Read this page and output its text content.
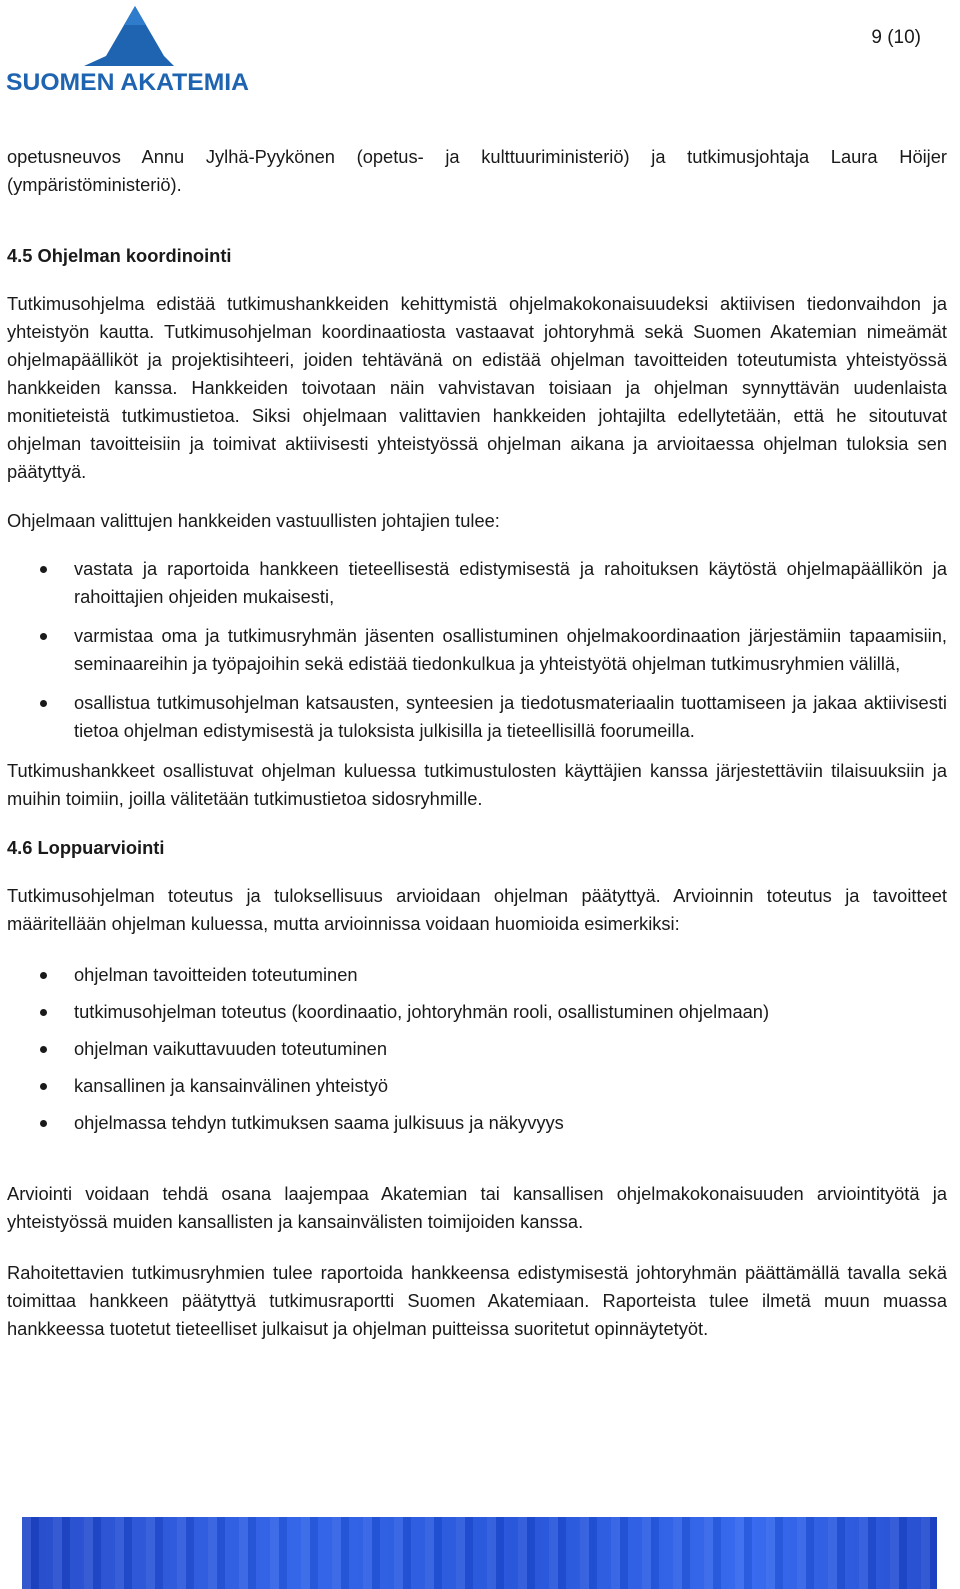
SUOMEN AKATEMIA
9 (10)

opetusneuvos Annu Jylhä-Pyykönen (opetus- ja kulttuuriministeriö) ja tutkimusjohtaja Laura Höijer (ympäristöministeriö).

4.5 Ohjelman koordinointi

Tutkimusohjelma edistää tutkimushankkeiden kehittymistä ohjelmakokonaisuudeksi aktiivisen tiedonvaihdon ja yhteistyön kautta. Tutkimusohjelman koordinaatiosta vastaavat johtoryhmä sekä Suomen Akatemian nimeämät ohjelmapäälliköt ja projektisihteeri, joiden tehtävänä on edistää ohjelman tavoitteiden toteutumista yhteistyössä hankkeiden kanssa. Hankkeiden toivotaan näin vahvistavan toisiaan ja ohjelman synnyttävän uudenlaista monitieteistä tutkimustietoa. Siksi ohjelmaan valittavien hankkeiden johtajilta edellytetään, että he sitoutuvat ohjelman tavoitteisiin ja toimivat aktiivisesti yhteistyössä ohjelman aikana ja arvioitaessa ohjelman tuloksia sen päätyttyä.

Ohjelmaan valittujen hankkeiden vastuullisten johtajien tulee:

vastata ja raportoida hankkeen tieteellisestä edistymisestä ja rahoituksen käytöstä ohjelmapäällikön ja rahoittajien ohjeiden mukaisesti,
varmistaa oma ja tutkimusryhmän jäsenten osallistuminen ohjelmakoordinaation järjestämiin tapaamisiin, seminaareihin ja työpajoihin sekä edistää tiedonkulkua ja yhteistyötä ohjelman tutkimusryhmien välillä,
osallistua tutkimusohjelman katsausten, synteesien ja tiedotusmateriaalin tuottamiseen ja jakaa aktiivisesti tietoa ohjelman edistymisestä ja tuloksista julkisilla ja tieteellisillä foorumeilla.

Tutkimushankkeet osallistuvat ohjelman kuluessa tutkimustulosten käyttäjien kanssa järjestettäviin tilaisuuksiin ja muihin toimiin, joilla välitetään tutkimustietoa sidosryhmille.

4.6 Loppuarviointi

Tutkimusohjelman toteutus ja tuloksellisuus arvioidaan ohjelman päätyttyä. Arvioinnin toteutus ja tavoitteet määritellään ohjelman kuluessa, mutta arvioinnissa voidaan huomioida esimerkiksi:

ohjelman tavoitteiden toteutuminen
tutkimusohjelman toteutus (koordinaatio, johtoryhmän rooli, osallistuminen ohjelmaan)
ohjelman vaikuttavuuden toteutuminen
kansallinen ja kansainvälinen yhteistyö
ohjelmassa tehdyn tutkimuksen saama julkisuus ja näkyvyys

Arviointi voidaan tehdä osana laajempaa Akatemian tai kansallisen ohjelmakokonaisuuden arviointityötä ja yhteistyössä muiden kansallisten ja kansainvälisten toimijoiden kanssa.

Rahoitettavien tutkimusryhmien tulee raportoida hankkeensa edistymisestä johtoryhmän päättämällä tavalla sekä toimittaa hankkeen päätyttyä tutkimusraportti Suomen Akatemiaan. Raporteista tulee ilmetä muun muassa hankkeessa tuotetut tieteelliset julkaisut ja ohjelman puitteissa suoritetut opinnäytetyöt.
